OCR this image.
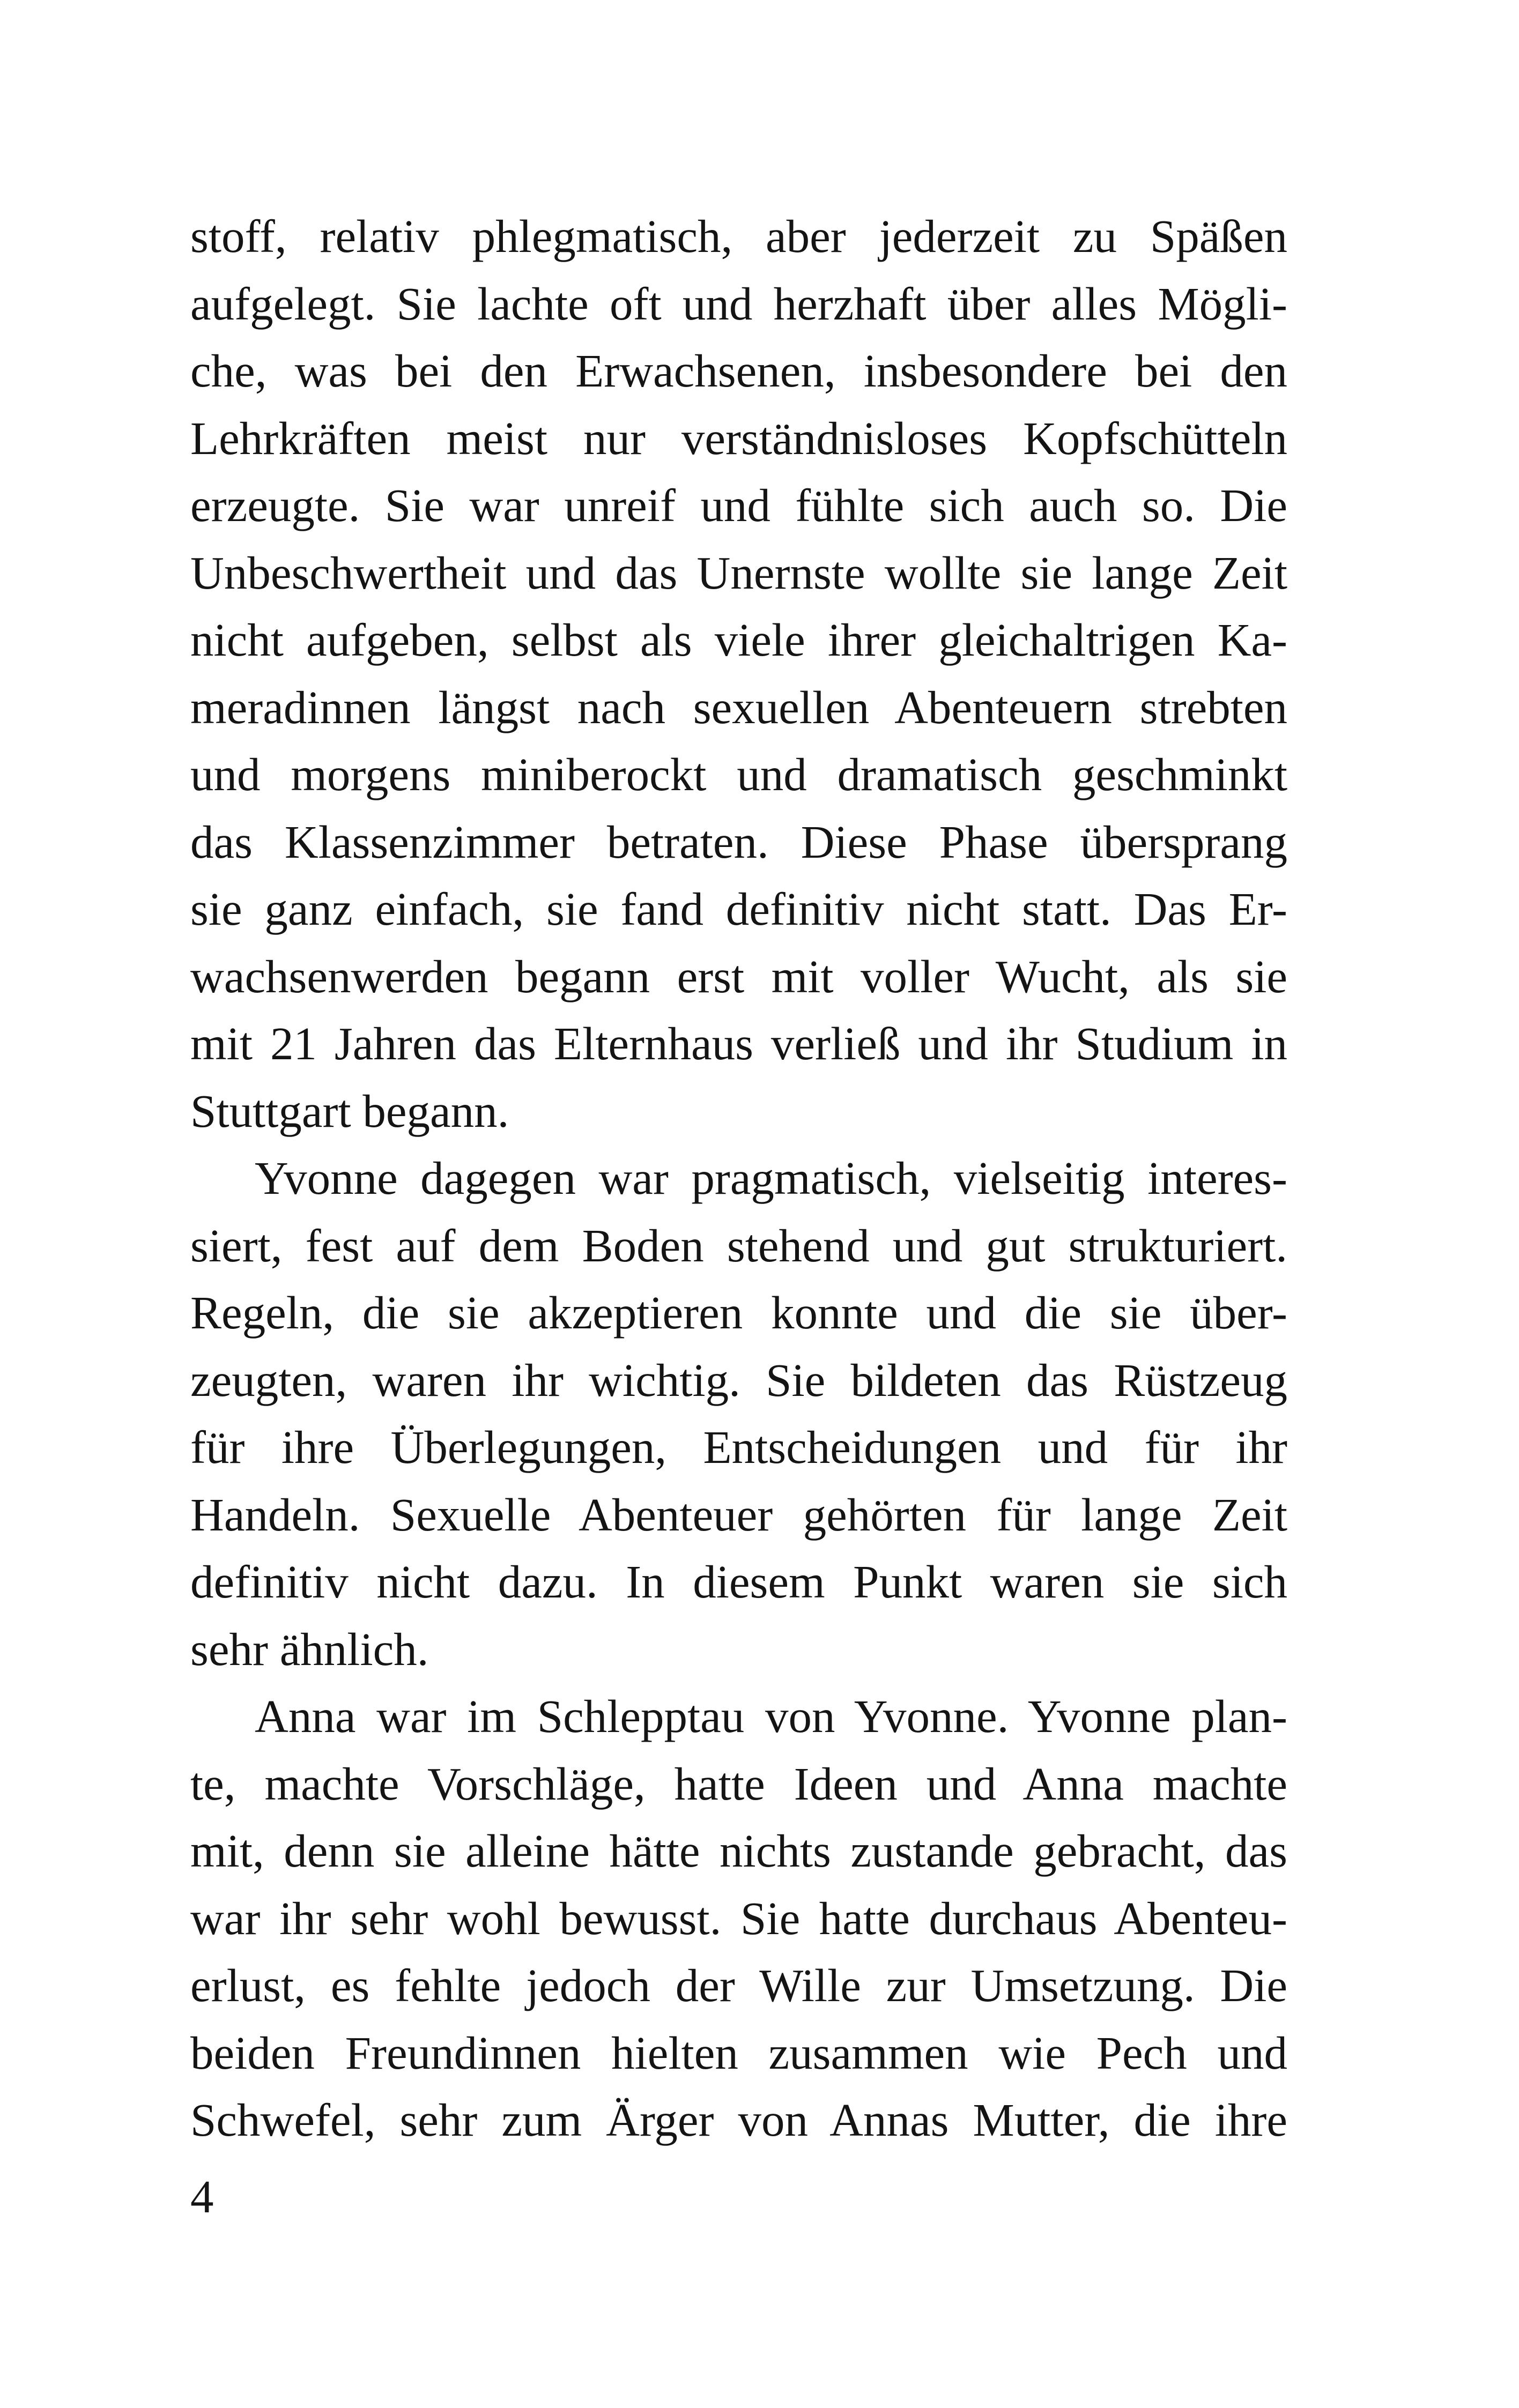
stoff, relativ phlegmatisch, aber jederzeit zu Späßen
aufgelegt. Sie lachte oft und herzhaft über alles Mögli-
che, was bei den Erwachsenen, insbesondere bei den
Lehrkräften meist nur verständnisloses Kopfschütteln
erzeugte. Sie war unreif und fühlte sich auch so. Die
Unbeschwertheit und das Unernste wollte sie lange Zeit
nicht aufgeben, selbst als viele ihrer gleichaltrigen Ka-
meradinnen längst nach sexuellen Abenteuern strebten
und morgens miniberockt und dramatisch geschminkt
das Klassenzimmer betraten. Diese Phase übersprang
sie ganz einfach, sie fand definitiv nicht statt. Das Er-
wachsenwerden begann erst mit voller Wucht, als sie
mit 21 Jahren das Elternhaus verließ und ihr Studium in
Stuttgart begann.
Yvonne dagegen war pragmatisch, vielseitig interes-
siert, fest auf dem Boden stehend und gut strukturiert.
Regeln, die sie akzeptieren konnte und die sie über-
zeugten, waren ihr wichtig. Sie bildeten das Rüstzeug
für ihre Überlegungen, Entscheidungen und für ihr
Handeln. Sexuelle Abenteuer gehörten für lange Zeit
definitiv nicht dazu. In diesem Punkt waren sie sich
sehr ähnlich.
Anna war im Schlepptau von Yvonne. Yvonne plan-
te, machte Vorschläge, hatte Ideen und Anna machte
mit, denn sie alleine hätte nichts zustande gebracht, das
war ihr sehr wohl bewusst. Sie hatte durchaus Abenteu-
erlust, es fehlte jedoch der Wille zur Umsetzung. Die
beiden Freundinnen hielten zusammen wie Pech und
Schwefel, sehr zum Ärger von Annas Mutter, die ihre
4
